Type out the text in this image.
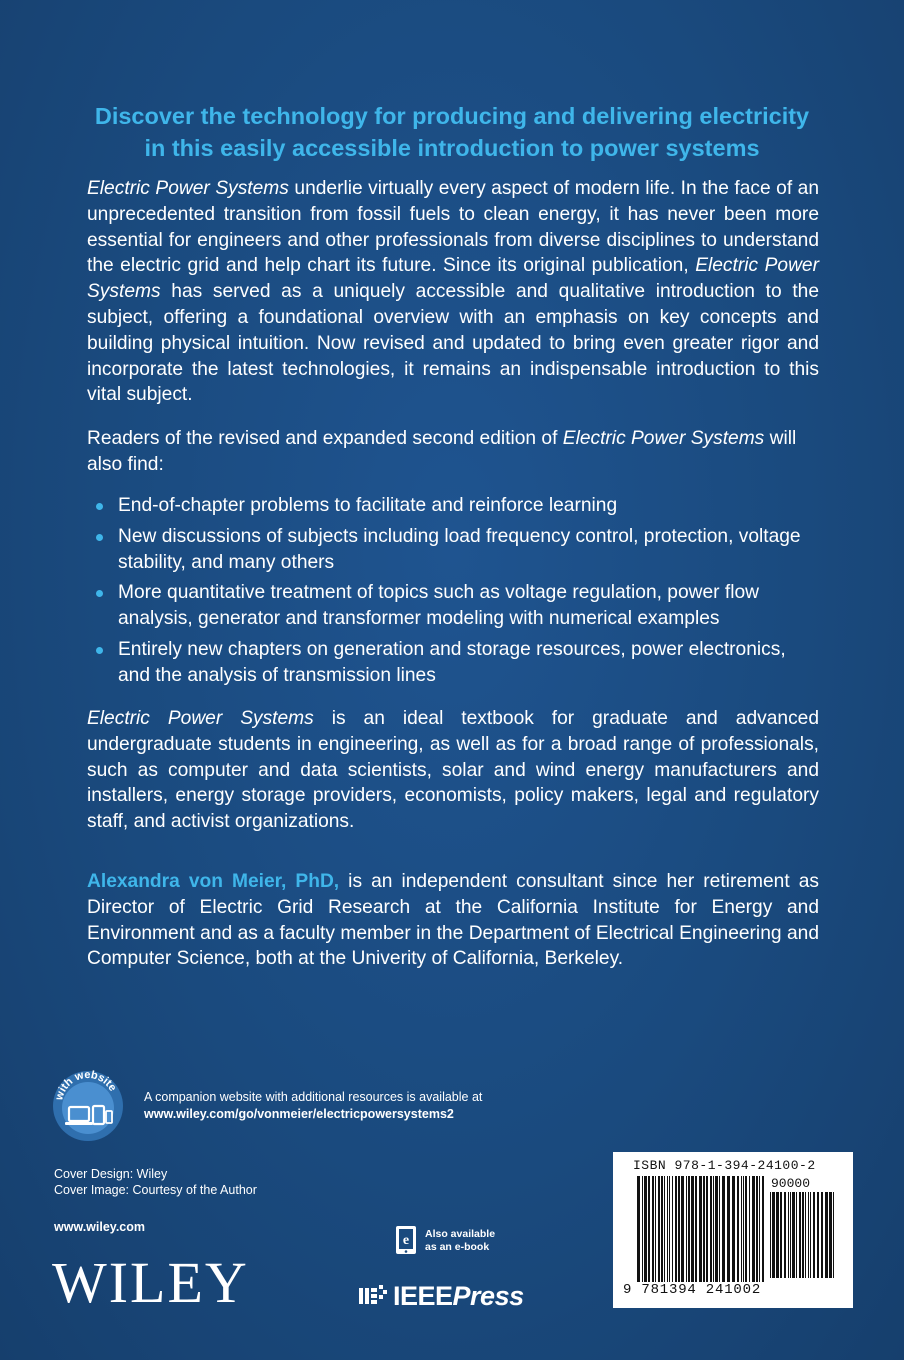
Discover the technology for producing and delivering electricity
in this easily accessible introduction to power systems
Electric Power Systems underlie virtually every aspect of modern life. In the face of an unprecedented transition from fossil fuels to clean energy, it has never been more essential for engineers and other professionals from diverse disciplines to understand the electric grid and help chart its future. Since its original publication, Electric Power Systems has served as a uniquely accessible and qualitative introduction to the subject, offering a foundational overview with an emphasis on key concepts and building physical intuition. Now revised and updated to bring even greater rigor and incorporate the latest technologies, it remains an indispensable introduction to this vital subject.
Readers of the revised and expanded second edition of Electric Power Systems will also find:
End-of-chapter problems to facilitate and reinforce learning
New discussions of subjects including load frequency control, protection, voltage stability, and many others
More quantitative treatment of topics such as voltage regulation, power flow analysis, generator and transformer modeling with numerical examples
Entirely new chapters on generation and storage resources, power electronics, and the analysis of transmission lines
Electric Power Systems is an ideal textbook for graduate and advanced undergraduate students in engineering, as well as for a broad range of professionals, such as computer and data scientists, solar and wind energy manufacturers and installers, energy storage providers, economists, policy makers, legal and regulatory staff, and activist organizations.
Alexandra von Meier, PhD, is an independent consultant since her retirement as Director of Electric Grid Research at the California Institute for Energy and Environment and as a faculty member in the Department of Electrical Engineering and Computer Science, both at the Univerity of California, Berkeley.
with website
A companion website with additional resources is available at
www.wiley.com/go/vonmeier/electricpowersystems2
Cover Design: Wiley
Cover Image: Courtesy of the Author
www.wiley.com
WILEY
e Also available
as an e-book
IEEEPress
ISBN 978-1-394-24100-2
90000
9 781394 241002
